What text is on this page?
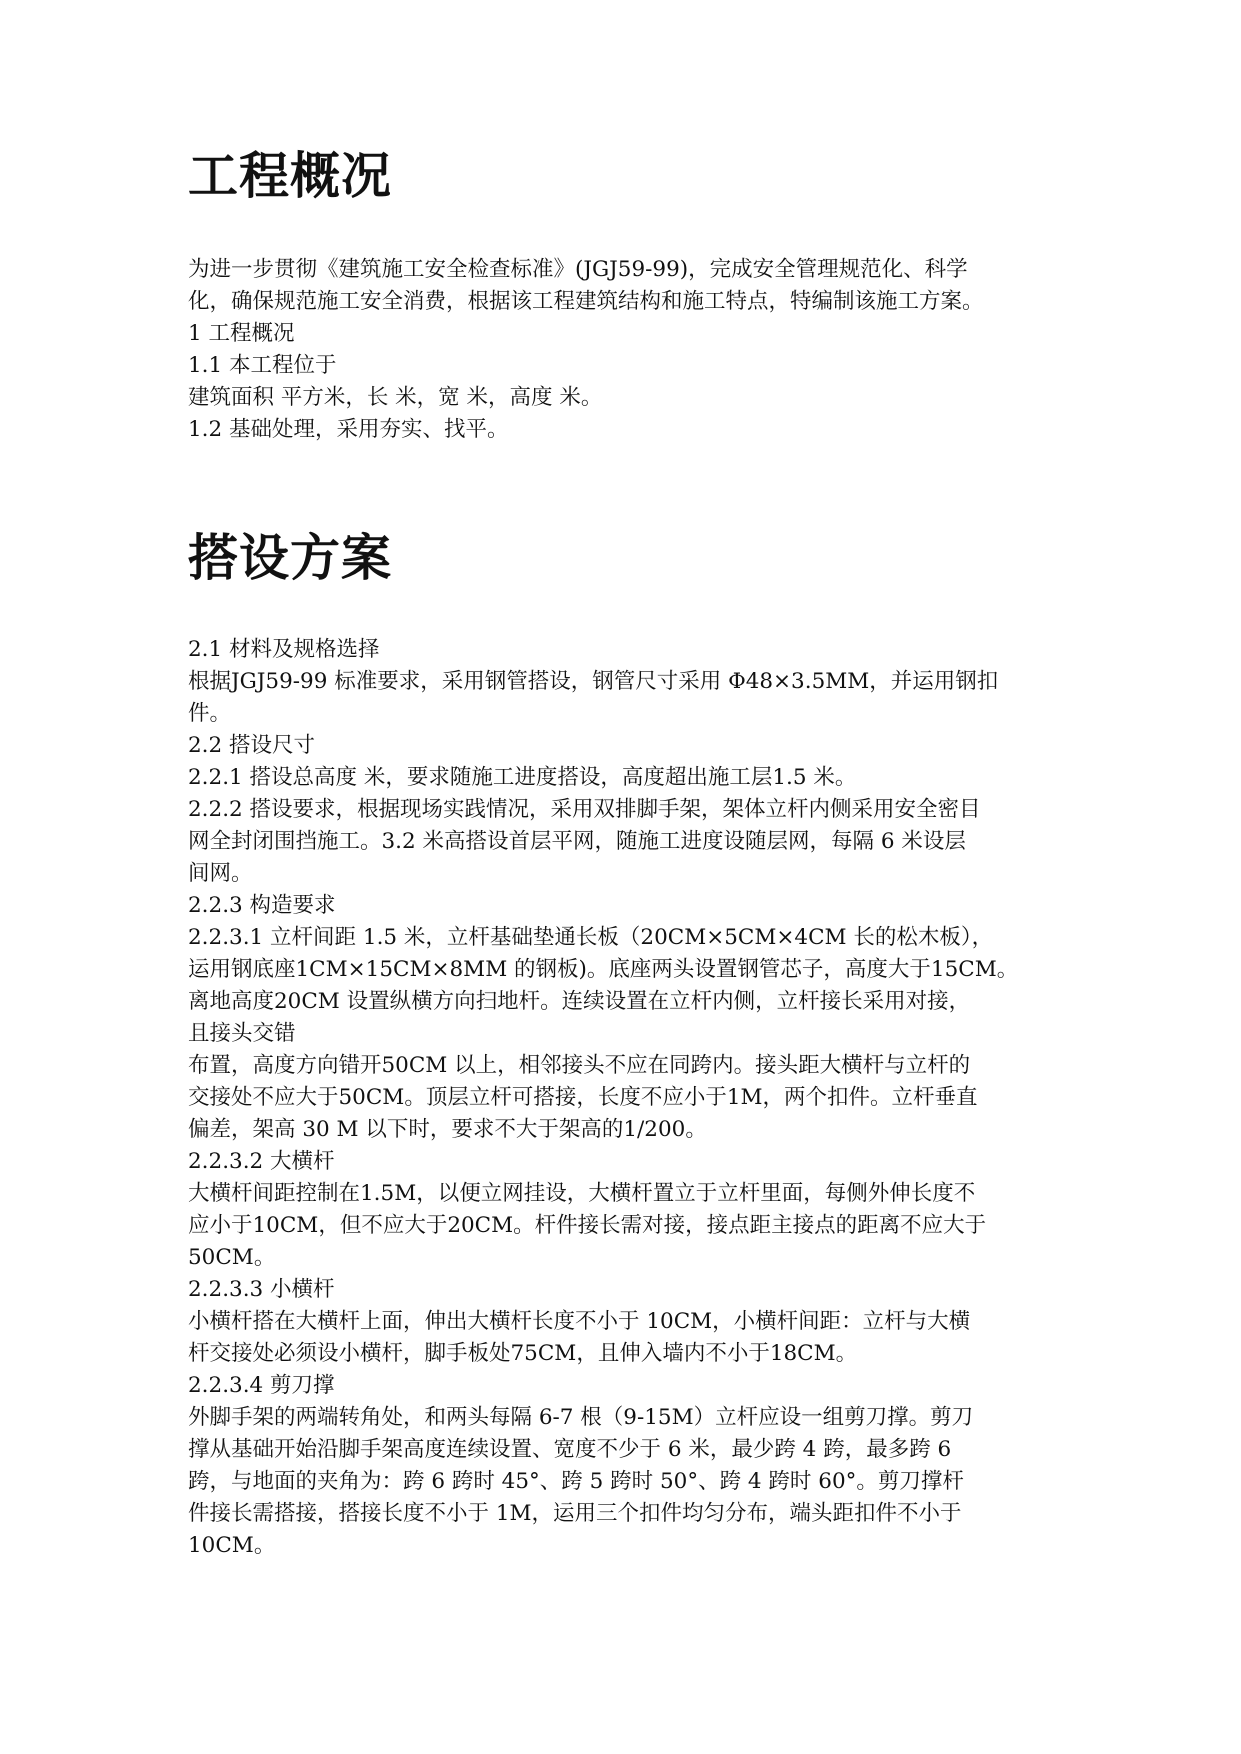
工程概况
为进一步贯彻《建筑施工安全检查标准》(JGJ59-99)，完成安全管理规范化、科学
化，确保规范施工安全消费，根据该工程建筑结构和施工特点，特编制该施工方案。
1 工程概况
1.1 本工程位于
建筑面积 平方米，长 米，宽 米，高度 米。
1.2 基础处理，采用夯实、找平。
搭设方案
2.1 材料及规格选择
根据JGJ59-99 标准要求，采用钢管搭设，钢管尺寸采用 Φ48×3.5MM，并运用钢扣
件。
2.2 搭设尺寸
2.2.1 搭设总高度 米，要求随施工进度搭设，高度超出施工层1.5 米。
2.2.2 搭设要求，根据现场实践情况，采用双排脚手架，架体立杆内侧采用安全密目
网全封闭围挡施工。3.2 米高搭设首层平网，随施工进度设随层网，每隔 6 米设层
间网。
2.2.3 构造要求
2.2.3.1 立杆间距 1.5 米，立杆基础垫通长板（20CM×5CM×4CM 长的松木板），
运用钢底座1CM×15CM×8MM 的钢板)。底座两头设置钢管芯子，高度大于15CM。
离地高度20CM 设置纵横方向扫地杆。连续设置在立杆内侧，立杆接长采用对接，
且接头交错
布置，高度方向错开50CM 以上，相邻接头不应在同跨内。接头距大横杆与立杆的
交接处不应大于50CM。顶层立杆可搭接，长度不应小于1M，两个扣件。立杆垂直
偏差，架高 30 M 以下时，要求不大于架高的1/200。
2.2.3.2 大横杆
大横杆间距控制在1.5M，以便立网挂设，大横杆置立于立杆里面，每侧外伸长度不
应小于10CM，但不应大于20CM。杆件接长需对接，接点距主接点的距离不应大于
50CM。
2.2.3.3 小横杆
小横杆搭在大横杆上面，伸出大横杆长度不小于 10CM，小横杆间距：立杆与大横
杆交接处必须设小横杆，脚手板处75CM，且伸入墙内不小于18CM。
2.2.3.4 剪刀撑
外脚手架的两端转角处，和两头每隔 6-7 根（9-15M）立杆应设一组剪刀撑。剪刀
撑从基础开始沿脚手架高度连续设置、宽度不少于 6 米，最少跨 4 跨，最多跨 6
跨，与地面的夹角为：跨 6 跨时 45°、跨 5 跨时 50°、跨 4 跨时 60°。剪刀撑杆
件接长需搭接，搭接长度不小于 1M，运用三个扣件均匀分布，端头距扣件不小于
10CM。
